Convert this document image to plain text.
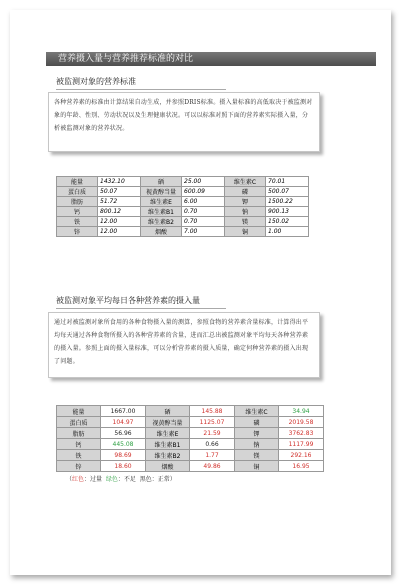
营养摄入量与营养推荐标准的对比
被监测对象的营养标准
各种营养素的标准由计算结果自动生成，并参照DRIS标准。摄入量标准的高低取决于被监测对象的年龄、性别、劳动状况以及生理健康状况。可以以标准对照下面的营养素实际摄入量，分析被监测对象的营养状况。
能量	1432.10	硒	25.00	维生素C	70.01
蛋白质	50.07	视黄醇当量	600.09	磷	500.07
脂肪	51.72	维生素E	6.00	钾	1500.22
钙	800.12	维生素B1	0.70	钠	900.13
铁	12.00	维生素B2	0.70	镁	150.02
锌	12.00	烟酸	7.00	铜	1.00
被监测对象平均每日各种营养素的摄入量
通过对被监测对象所食用的各种食物摄入量的测算，参照食物的营养素含量标准，计算得出平均每天通过各种食物所摄入的各种营养素的含量，进而汇总出被监测对象平均每天各种营养素的摄入量。参照上面的摄入量标准，可以分析营养素的摄入质量，确定何种营养素的摄入出现了问题。
能量	1667.00	硒	145.88	维生素C	34.94
蛋白质	104.97	视黄醇当量	1125.07	磷	2019.58
脂肪	56.96	维生素E	21.59	钾	3762.83
钙	445.08	维生素B1	0.66	钠	1117.99
铁	98.69	维生素B2	1.77	镁	292.16
锌	18.60	烟酸	49.86	铜	16.95
（红色：过量 绿色：不足 黑色：正常）
